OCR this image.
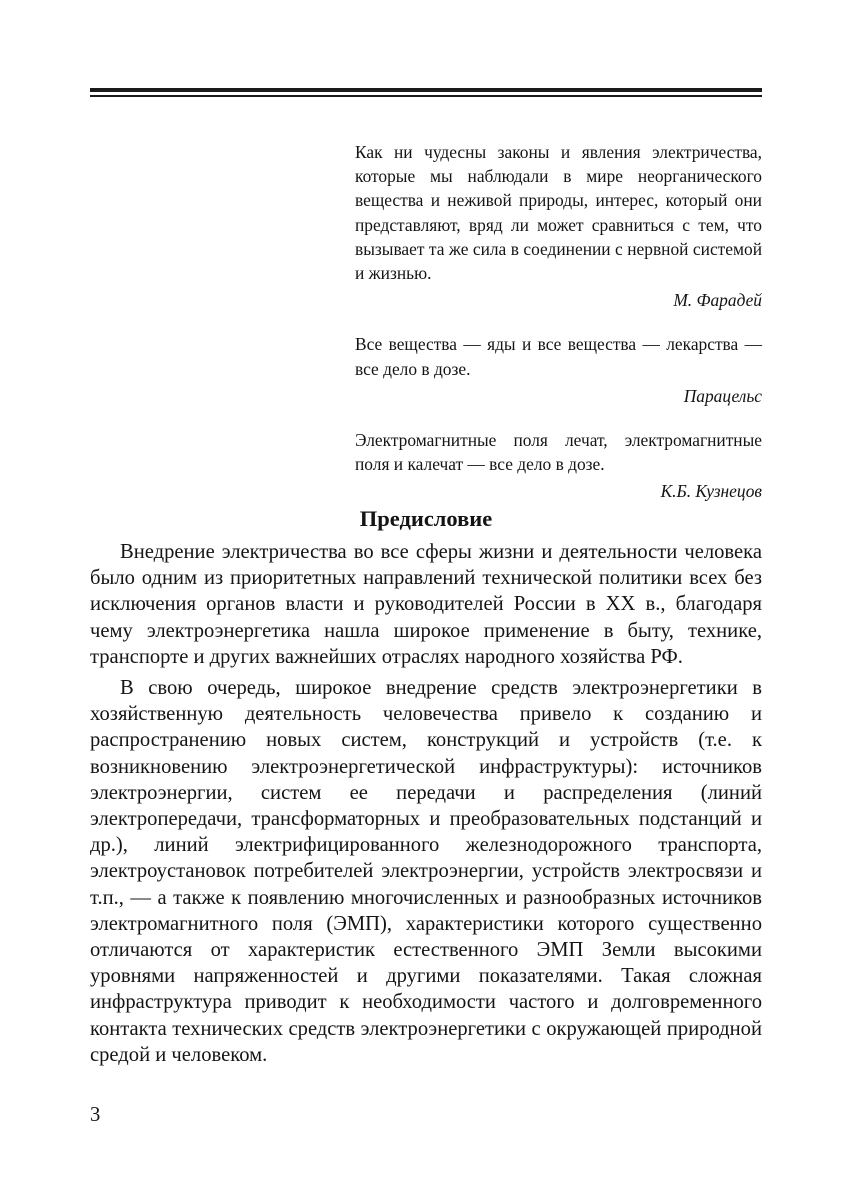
Как ни чудесны законы и явления электричества, которые мы наблюдали в мире неорганического вещества и неживой природы, интерес, который они представляют, вряд ли может сравниться с тем, что вызывает та же сила в соединении с нервной системой и жизнью.

М. Фарадей

Все вещества — яды и все вещества — лекарства — все дело в дозе.

Парацельс

Электромагнитные поля лечат, электромагнитные поля и калечат — все дело в дозе.

К.Б. Кузнецов

Предисловие

Внедрение электричества во все сферы жизни и деятельности человека было одним из приоритетных направлений технической политики всех без исключения органов власти и руководителей России в XX в., благодаря чему электроэнергетика нашла широкое применение в быту, технике, транспорте и других важнейших отраслях народного хозяйства РФ.

В свою очередь, широкое внедрение средств электроэнергетики в хозяйственную деятельность человечества привело к созданию и распространению новых систем, конструкций и устройств (т.е. к возникновению электроэнергетической инфраструктуры): источников электроэнергии, систем ее передачи и распределения (линий электропередачи, трансформаторных и преобразовательных подстанций и др.), линий электрифицированного железнодорожного транспорта, электроустановок потребителей электроэнергии, устройств электросвязи и т.п., — а также к появлению многочисленных и разнообразных источников электромагнитного поля (ЭМП), характеристики которого существенно отличаются от характеристик естественного ЭМП Земли высокими уровнями напряженностей и другими показателями. Такая сложная инфраструктура приводит к необходимости частого и долговременного контакта технических средств электроэнергетики с окружающей природной средой и человеком.

3
